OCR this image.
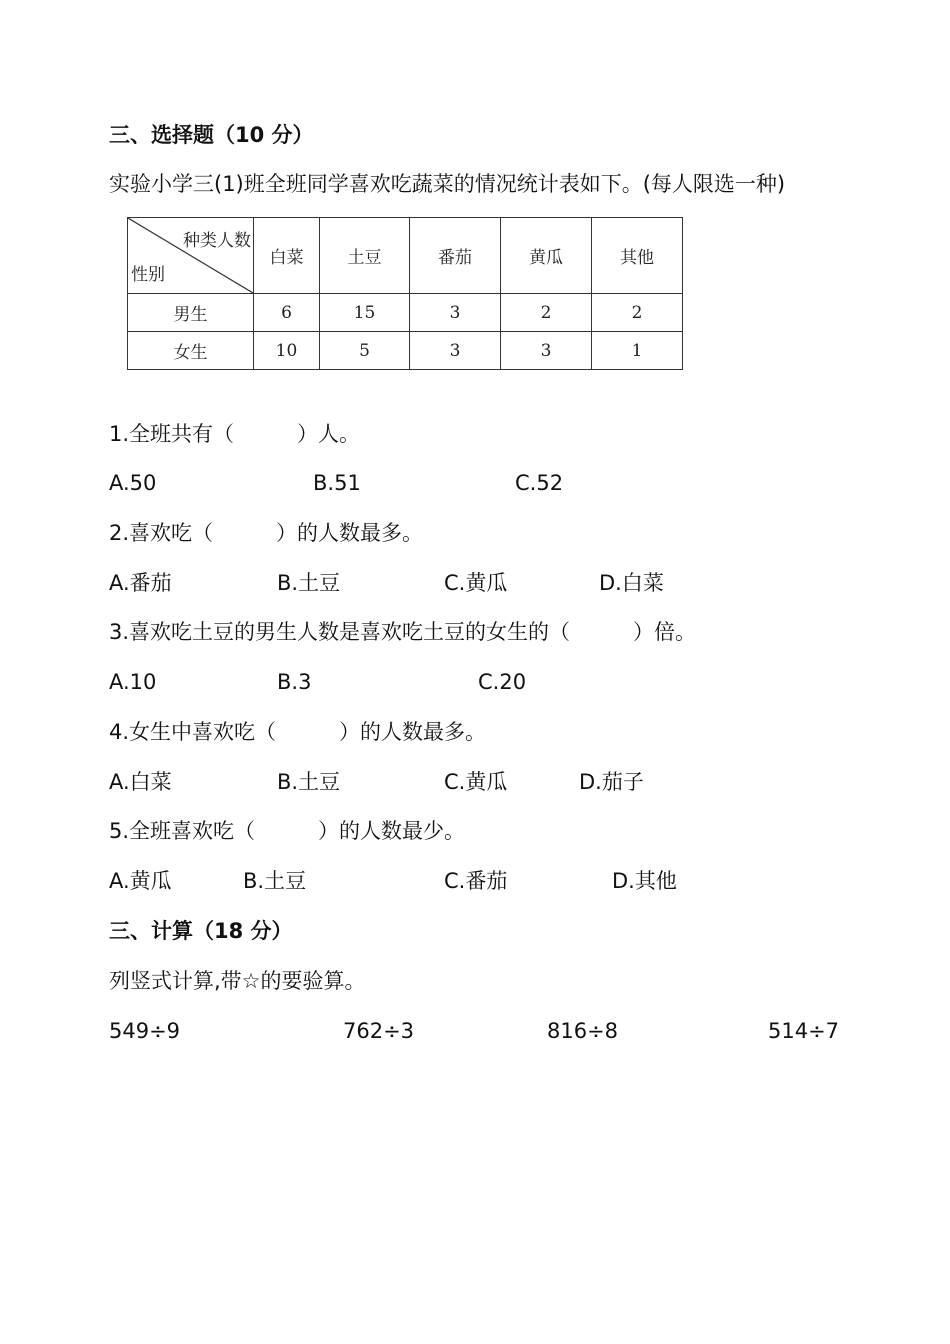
三、选择题（10 分）
实验小学三(1)班全班同学喜欢吃蔬菜的情况统计表如下。(每人限选一种)
种类人数
性别	白菜	土豆	番茄	黄瓜	其他
男生	6	15	3	2	2
女生	10	5	3	3	1
1.全班共有（　　　）人。
A.50	B.51	C.52
2.喜欢吃（　　　）的人数最多。
A.番茄	B.土豆	C.黄瓜	D.白菜
3.喜欢吃土豆的男生人数是喜欢吃土豆的女生的（　　　）倍。
A.10	B.3	C.20
4.女生中喜欢吃（　　　）的人数最多。
A.白菜	B.土豆	C.黄瓜	D.茄子
5.全班喜欢吃（　　　）的人数最少。
A.黄瓜	B.土豆	C.番茄	D.其他
三、计算（18 分）
列竖式计算,带☆的要验算。
549÷9	762÷3	816÷8	514÷7
